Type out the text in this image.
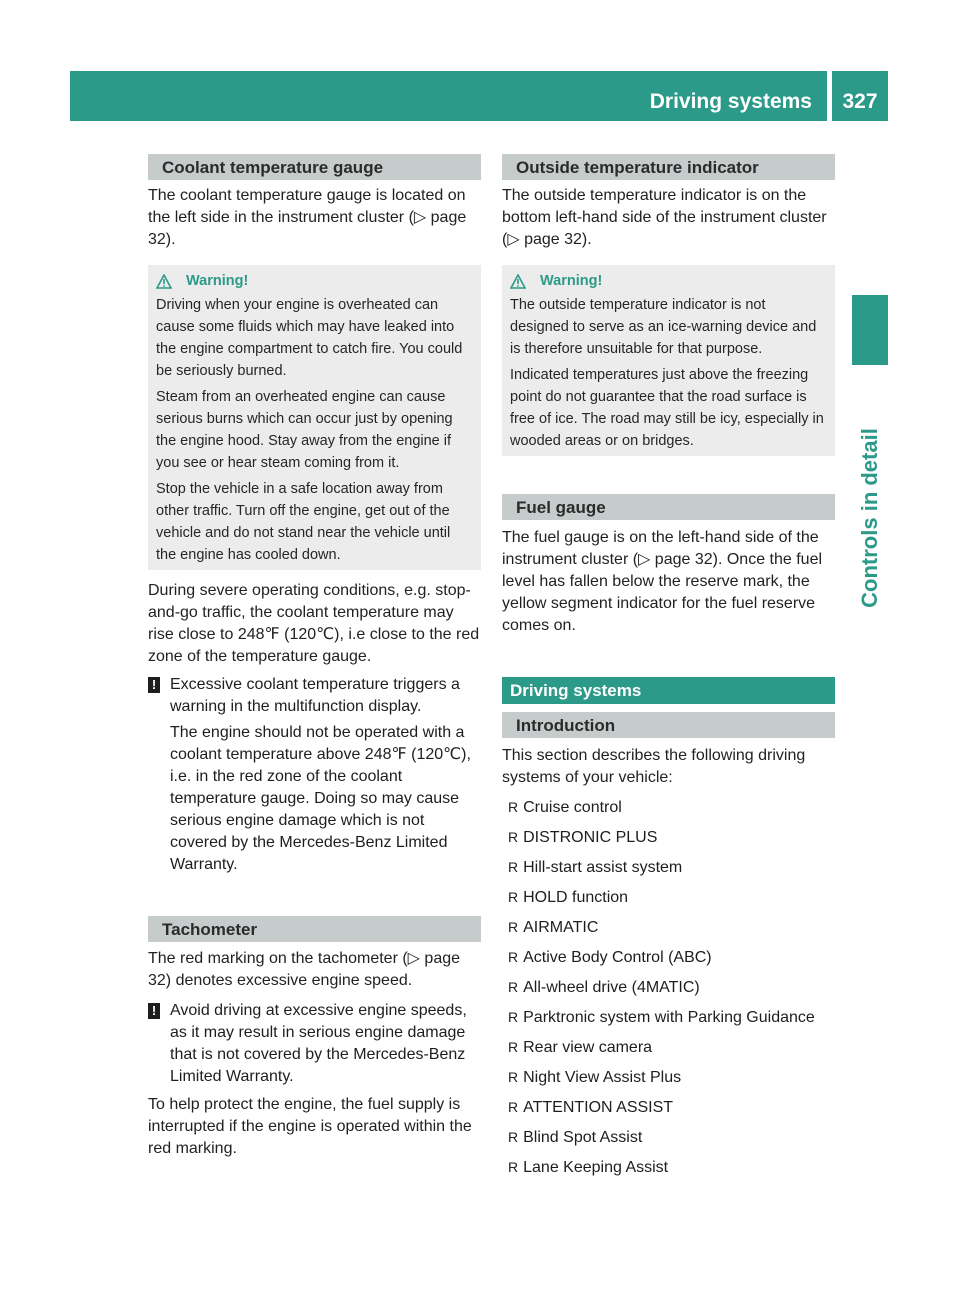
Driving systems	327
Controls in detail
Coolant temperature gauge

The coolant temperature gauge is located on the left side in the instrument cluster (▷ page 32).

Warning!

Driving when your engine is overheated can cause some fluids which may have leaked into the engine compartment to catch fire. You could be seriously burned.

Steam from an overheated engine can cause serious burns which can occur just by opening the engine hood. Stay away from the engine if you see or hear steam coming from it.

Stop the vehicle in a safe location away from other traffic. Turn off the engine, get out of the vehicle and do not stand near the vehicle until the engine has cooled down.

During severe operating conditions, e.g. stop-and-go traffic, the coolant temperature may rise close to 248℉ (120℃), i.e close to the red zone of the temperature gauge.

! Excessive coolant temperature triggers a warning in the multifunction display.

The engine should not be operated with a coolant temperature above 248℉ (120℃), i.e. in the red zone of the coolant temperature gauge. Doing so may cause serious engine damage which is not covered by the Mercedes-Benz Limited Warranty.

Tachometer

The red marking on the tachometer (▷ page 32) denotes excessive engine speed.

! Avoid driving at excessive engine speeds, as it may result in serious engine damage that is not covered by the Mercedes-Benz Limited Warranty.

To help protect the engine, the fuel supply is interrupted if the engine is operated within the red marking.

Outside temperature indicator

The outside temperature indicator is on the bottom left-hand side of the instrument cluster (▷ page 32).

Warning!

The outside temperature indicator is not designed to serve as an ice-warning device and is therefore unsuitable for that purpose.

Indicated temperatures just above the freezing point do not guarantee that the road surface is free of ice. The road may still be icy, especially in wooded areas or on bridges.

Fuel gauge

The fuel gauge is on the left-hand side of the instrument cluster (▷ page 32). Once the fuel level has fallen below the reserve mark, the yellow segment indicator for the fuel reserve comes on.

Driving systems
Introduction

This section describes the following driving systems of your vehicle:

R Cruise control
R DISTRONIC PLUS
R Hill-start assist system
R HOLD function
R AIRMATIC
R Active Body Control (ABC)
R All-wheel drive (4MATIC)
R Parktronic system with Parking Guidance
R Rear view camera
R Night View Assist Plus
R ATTENTION ASSIST
R Blind Spot Assist
R Lane Keeping Assist
